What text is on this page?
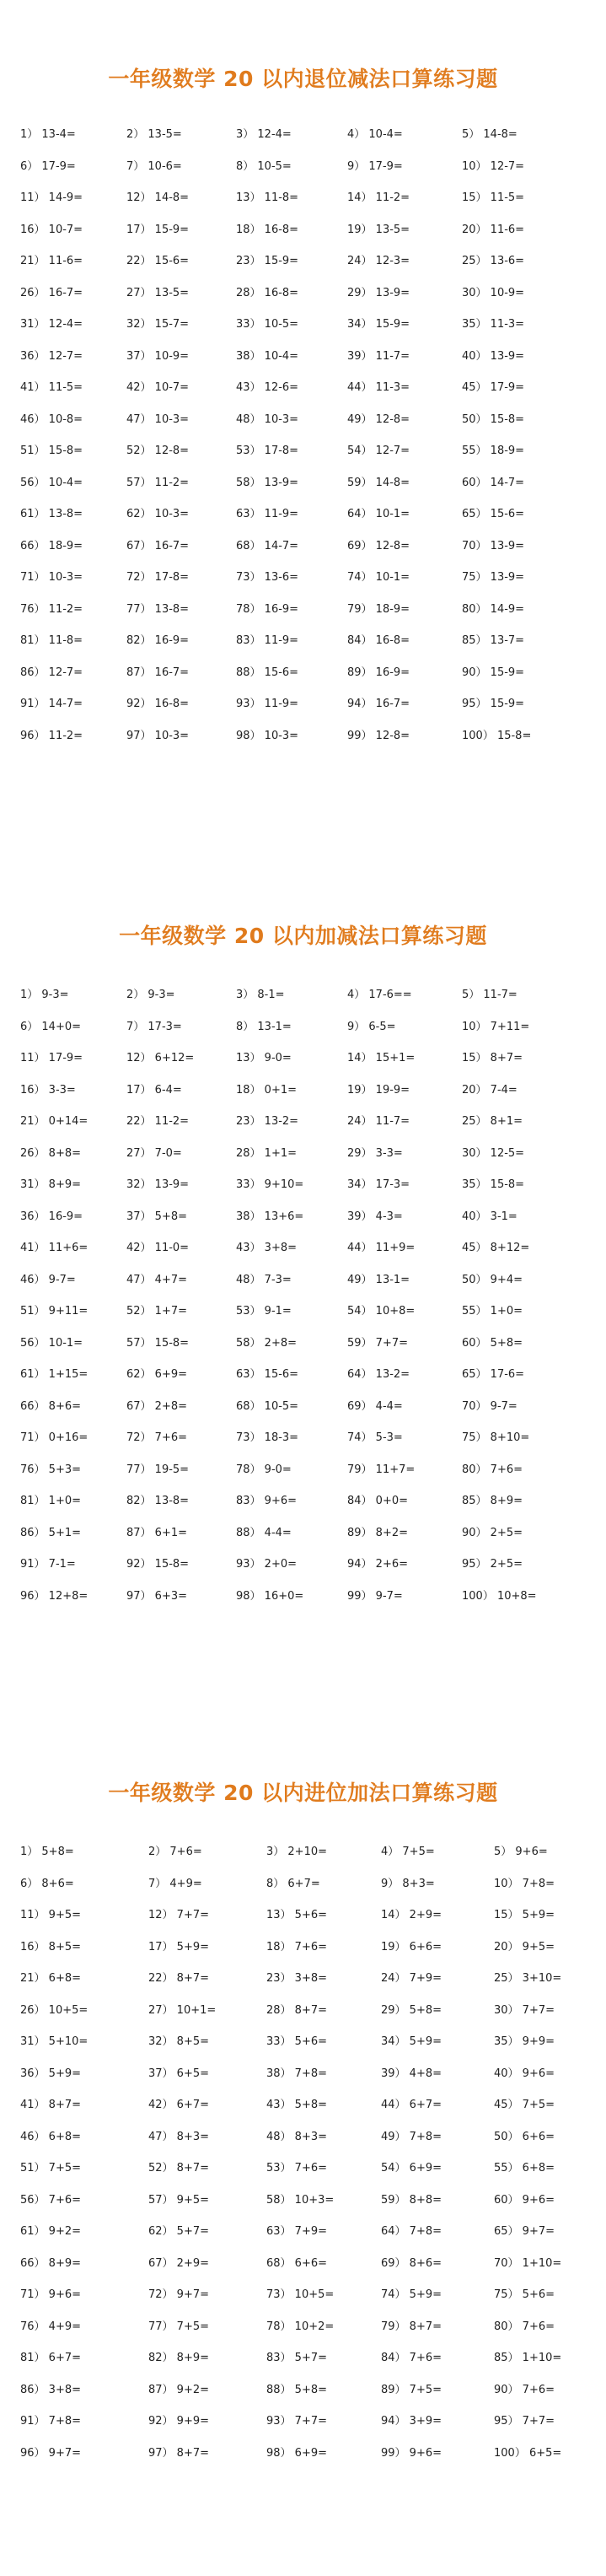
一年级数学 20 以内退位减法口算练习题
1） 13-4=	2） 13-5=	3） 12-4=	4） 10-4=	5） 14-8=
6） 17-9=	7） 10-6=	8） 10-5=	9） 17-9=	10） 12-7=
11） 14-9=	12） 14-8=	13） 11-8=	14） 11-2=	15） 11-5=
16） 10-7=	17） 15-9=	18） 16-8=	19） 13-5=	20） 11-6=
21） 11-6=	22） 15-6=	23） 15-9=	24） 12-3=	25） 13-6=
26） 16-7=	27） 13-5=	28） 16-8=	29） 13-9=	30） 10-9=
31） 12-4=	32） 15-7=	33） 10-5=	34） 15-9=	35） 11-3=
36） 12-7=	37） 10-9=	38） 10-4=	39） 11-7=	40） 13-9=
41） 11-5=	42） 10-7=	43） 12-6=	44） 11-3=	45） 17-9=
46） 10-8=	47） 10-3=	48） 10-3=	49） 12-8=	50） 15-8=
51） 15-8=	52） 12-8=	53） 17-8=	54） 12-7=	55） 18-9=
56） 10-4=	57） 11-2=	58） 13-9=	59） 14-8=	60） 14-7=
61） 13-8=	62） 10-3=	63） 11-9=	64） 10-1=	65） 15-6=
66） 18-9=	67） 16-7=	68） 14-7=	69） 12-8=	70） 13-9=
71） 10-3=	72） 17-8=	73） 13-6=	74） 10-1=	75） 13-9=
76） 11-2=	77） 13-8=	78） 16-9=	79） 18-9=	80） 14-9=
81） 11-8=	82） 16-9=	83） 11-9=	84） 16-8=	85） 13-7=
86） 12-7=	87） 16-7=	88） 15-6=	89） 16-9=	90） 15-9=
91） 14-7=	92） 16-8=	93） 11-9=	94） 16-7=	95） 15-9=
96） 11-2=	97） 10-3=	98） 10-3=	99） 12-8=	100） 15-8=
一年级数学 20 以内加减法口算练习题
1） 9-3=	2） 9-3=	3） 8-1=	4） 17-6==	5） 11-7=
6） 14+0=	7） 17-3=	8） 13-1=	9） 6-5=	10） 7+11=
11） 17-9=	12） 6+12=	13） 9-0=	14） 15+1=	15） 8+7=
16） 3-3=	17） 6-4=	18） 0+1=	19） 19-9=	20） 7-4=
21） 0+14=	22） 11-2=	23） 13-2=	24） 11-7=	25） 8+1=
26） 8+8=	27） 7-0=	28） 1+1=	29） 3-3=	30） 12-5=
31） 8+9=	32） 13-9=	33） 9+10=	34） 17-3=	35） 15-8=
36） 16-9=	37） 5+8=	38） 13+6=	39） 4-3=	40） 3-1=
41） 11+6=	42） 11-0=	43） 3+8=	44） 11+9=	45） 8+12=
46） 9-7=	47） 4+7=	48） 7-3=	49） 13-1=	50） 9+4=
51） 9+11=	52） 1+7=	53） 9-1=	54） 10+8=	55） 1+0=
56） 10-1=	57） 15-8=	58） 2+8=	59） 7+7=	60） 5+8=
61） 1+15=	62） 6+9=	63） 15-6=	64） 13-2=	65） 17-6=
66） 8+6=	67） 2+8=	68） 10-5=	69） 4-4=	70） 9-7=
71） 0+16=	72） 7+6=	73） 18-3=	74） 5-3=	75） 8+10=
76） 5+3=	77） 19-5=	78） 9-0=	79） 11+7=	80） 7+6=
81） 1+0=	82） 13-8=	83） 9+6=	84） 0+0=	85） 8+9=
86） 5+1=	87） 6+1=	88） 4-4=	89） 8+2=	90） 2+5=
91） 7-1=	92） 15-8=	93） 2+0=	94） 2+6=	95） 2+5=
96） 12+8=	97） 6+3=	98） 16+0=	99） 9-7=	100） 10+8=
一年级数学 20 以内进位加法口算练习题
1） 5+8=	2） 7+6=	3） 2+10=	4） 7+5=	5） 9+6=
6） 8+6=	7） 4+9=	8） 6+7=	9） 8+3=	10） 7+8=
11） 9+5=	12） 7+7=	13） 5+6=	14） 2+9=	15） 5+9=
16） 8+5=	17） 5+9=	18） 7+6=	19） 6+6=	20） 9+5=
21） 6+8=	22） 8+7=	23） 3+8=	24） 7+9=	25） 3+10=
26） 10+5=	27） 10+1=	28） 8+7=	29） 5+8=	30） 7+7=
31） 5+10=	32） 8+5=	33） 5+6=	34） 5+9=	35） 9+9=
36） 5+9=	37） 6+5=	38） 7+8=	39） 4+8=	40） 9+6=
41） 8+7=	42） 6+7=	43） 5+8=	44） 6+7=	45） 7+5=
46） 6+8=	47） 8+3=	48） 8+3=	49） 7+8=	50） 6+6=
51） 7+5=	52） 8+7=	53） 7+6=	54） 6+9=	55） 6+8=
56） 7+6=	57） 9+5=	58） 10+3=	59） 8+8=	60） 9+6=
61） 9+2=	62） 5+7=	63） 7+9=	64） 7+8=	65） 9+7=
66） 8+9=	67） 2+9=	68） 6+6=	69） 8+6=	70） 1+10=
71） 9+6=	72） 9+7=	73） 10+5=	74） 5+9=	75） 5+6=
76） 4+9=	77） 7+5=	78） 10+2=	79） 8+7=	80） 7+6=
81） 6+7=	82） 8+9=	83） 5+7=	84） 7+6=	85） 1+10=
86） 3+8=	87） 9+2=	88） 5+8=	89） 7+5=	90） 7+6=
91） 7+8=	92） 9+9=	93） 7+7=	94） 3+9=	95） 7+7=
96） 9+7=	97） 8+7=	98） 6+9=	99） 9+6=	100） 6+5=
